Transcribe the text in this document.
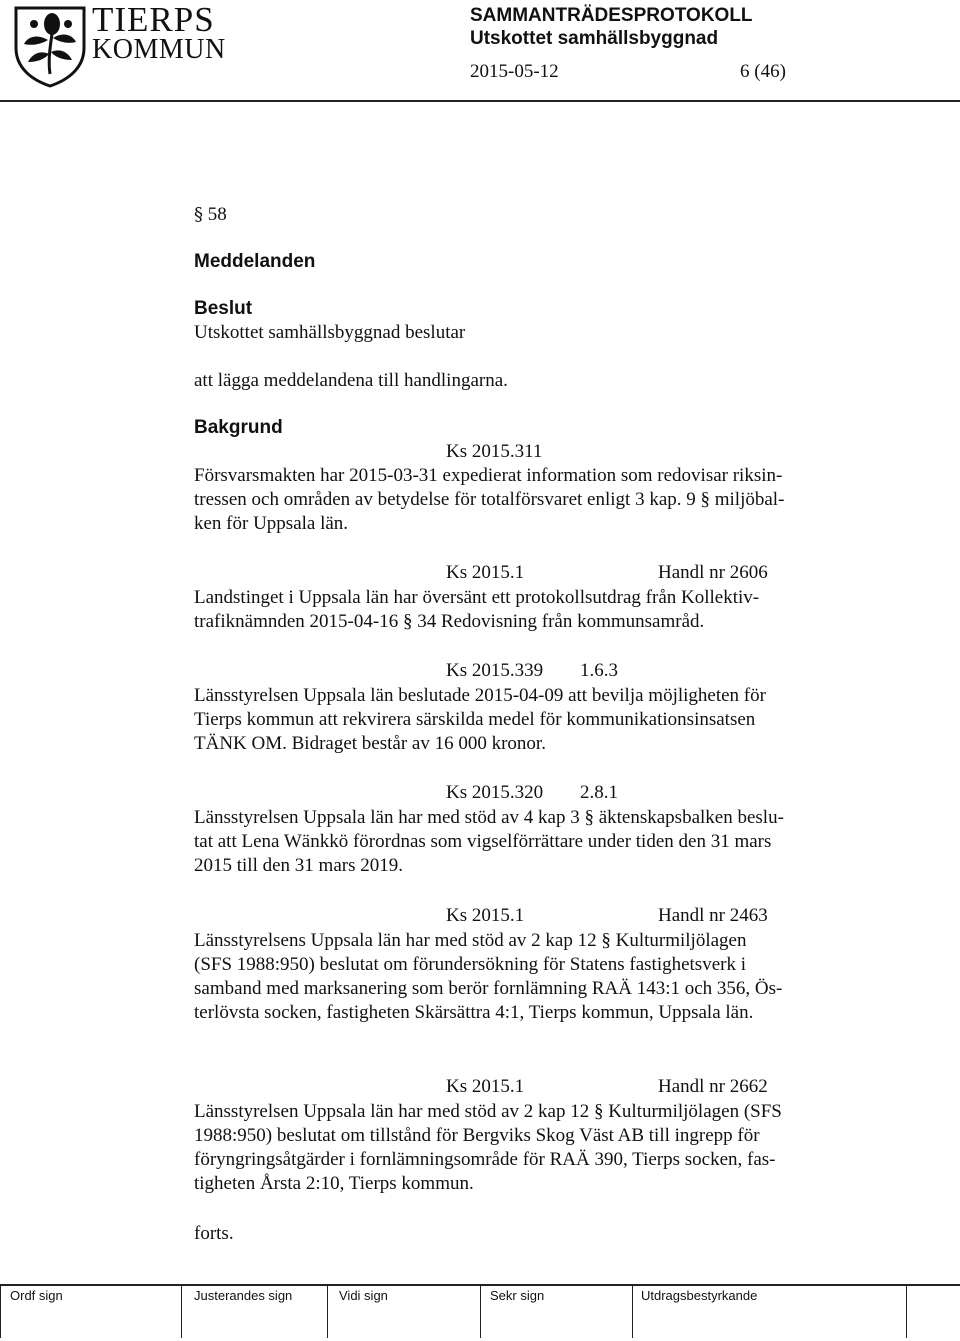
TIERPS
KOMMUN
SAMMANTRÄDESPROTOKOLL
Utskottet samhällsbyggnad
2015-05-12	6 (46)
§ 58
Meddelanden
Beslut
Utskottet samhällsbyggnad beslutar
att lägga meddelandena till handlingarna.
Bakgrund
Ks 2015.311
Försvarsmakten har 2015-03-31 expedierat information som redovisar riksin-
tressen och områden av betydelse för totalförsvaret enligt 3 kap. 9 § miljöbal-
ken för Uppsala län.
Ks 2015.1	Handl nr 2606
Landstinget i Uppsala län har översänt ett protokollsutdrag från Kollektiv-
trafiknämnden 2015-04-16 § 34 Redovisning från kommunsamråd.
Ks 2015.339 1.6.3
Länsstyrelsen Uppsala län beslutade 2015-04-09 att bevilja möjligheten för
Tierps kommun att rekvirera särskilda medel för kommunikationsinsatsen
TÄNK OM. Bidraget består av 16 000 kronor.
Ks 2015.320 2.8.1
Länsstyrelsen Uppsala län har med stöd av 4 kap 3 § äktenskapsbalken beslu-
tat att Lena Wänkkö förordnas som vigselförrättare under tiden den 31 mars
2015 till den 31 mars 2019.
Ks 2015.1	Handl nr 2463
Länsstyrelsens Uppsala län har med stöd av 2 kap 12 § Kulturmiljölagen
(SFS 1988:950) beslutat om förundersökning för Statens fastighetsverk i
samband med marksanering som berör fornlämning RAÄ 143:1 och 356, Ös-
terlövsta socken, fastigheten Skärsättra 4:1, Tierps kommun, Uppsala län.
Ks 2015.1	Handl nr 2662
Länsstyrelsen Uppsala län har med stöd av 2 kap 12 § Kulturmiljölagen (SFS
1988:950) beslutat om tillstånd för Bergviks Skog Väst AB till ingrepp för
föryngringsåtgärder i fornlämningsområde för RAÄ 390, Tierps socken, fas-
tigheten Årsta 2:10, Tierps kommun.
forts.
Ordf sign	Justerandes sign	Vidi sign	Sekr sign	Utdragsbestyrkande
